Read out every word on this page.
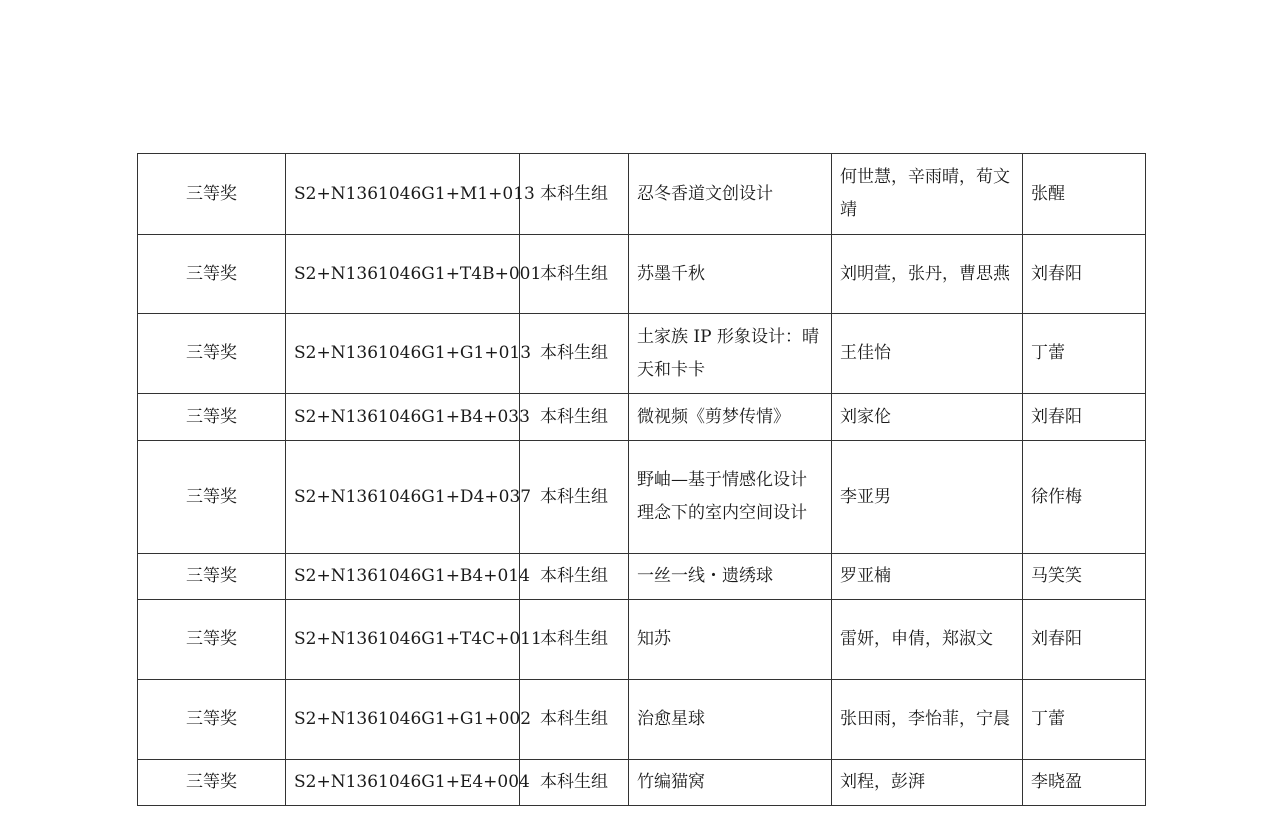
三等奖	S2+N1361046G1+M1+013	本科生组	忍冬香道文创设计	何世慧，辛雨晴，荀文靖	张醒
三等奖	S2+N1361046G1+T4B+001	本科生组	苏墨千秋	刘明萱，张丹，曹思燕	刘春阳
三等奖	S2+N1361046G1+G1+013	本科生组	土家族 IP 形象设计：晴天和卡卡	王佳怡	丁蕾
三等奖	S2+N1361046G1+B4+033	本科生组	微视频《剪梦传情》	刘家伦	刘春阳
三等奖	S2+N1361046G1+D4+037	本科生组	野岫—基于情感化设计理念下的室内空间设计	李亚男	徐作梅
三等奖	S2+N1361046G1+B4+014	本科生组	一丝一线・遗绣球	罗亚楠	马笑笑
三等奖	S2+N1361046G1+T4C+011	本科生组	知苏	雷妍，申倩，郑淑文	刘春阳
三等奖	S2+N1361046G1+G1+002	本科生组	治愈星球	张田雨，李怡菲，宁晨	丁蕾
三等奖	S2+N1361046G1+E4+004	本科生组	竹编猫窝	刘程，彭湃	李晓盈
